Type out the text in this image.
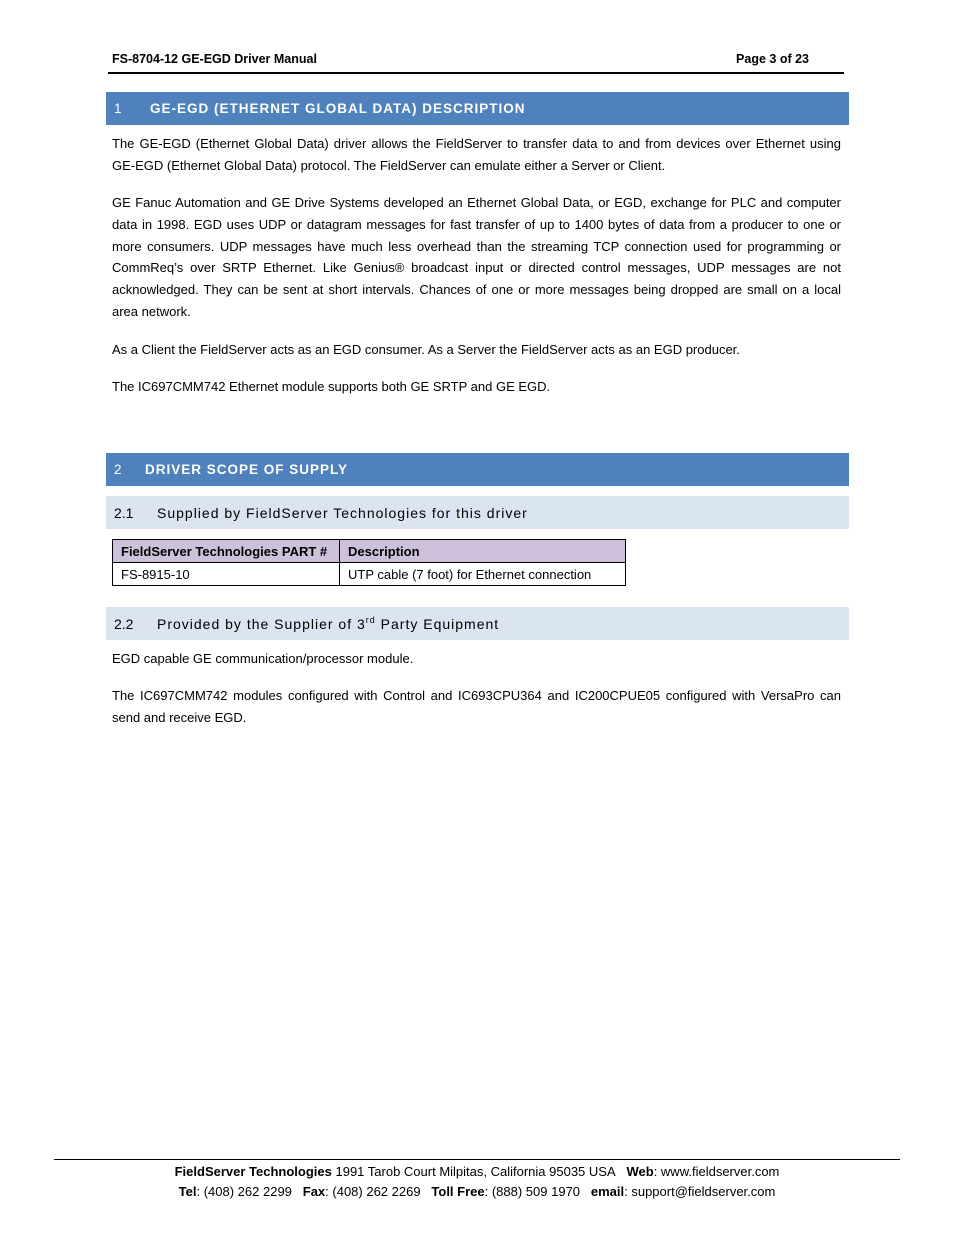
FS-8704-12 GE-EGD Driver Manual	Page 3 of 23
1 GE-EGD (ETHERNET GLOBAL DATA) DESCRIPTION
The GE-EGD (Ethernet Global Data) driver allows the FieldServer to transfer data to and from devices over Ethernet using GE-EGD (Ethernet Global Data) protocol. The FieldServer can emulate either a Server or Client.
GE Fanuc Automation and GE Drive Systems developed an Ethernet Global Data, or EGD, exchange for PLC and computer data in 1998. EGD uses UDP or datagram messages for fast transfer of up to 1400 bytes of data from a producer to one or more consumers. UDP messages have much less overhead than the streaming TCP connection used for programming or CommReq’s over SRTP Ethernet. Like Genius® broadcast input or directed control messages, UDP messages are not acknowledged. They can be sent at short intervals. Chances of one or more messages being dropped are small on a local area network.
As a Client the FieldServer acts as an EGD consumer. As a Server the FieldServer acts as an EGD producer.
The IC697CMM742 Ethernet module supports both GE SRTP and GE EGD.
2 DRIVER SCOPE OF SUPPLY
2.1 Supplied by FieldServer Technologies for this driver
FieldServer Technologies PART #	Description
FS-8915-10	UTP cable (7 foot) for Ethernet connection
2.2 Provided by the Supplier of 3rd Party Equipment
EGD capable GE communication/processor module.
The IC697CMM742 modules configured with Control and IC693CPU364 and IC200CPUE05 configured with VersaPro can send and receive EGD.
FieldServer Technologies 1991 Tarob Court Milpitas, California 95035 USA Web: www.fieldserver.com
Tel: (408) 262 2299 Fax: (408) 262 2269 Toll Free: (888) 509 1970 email: support@fieldserver.com
